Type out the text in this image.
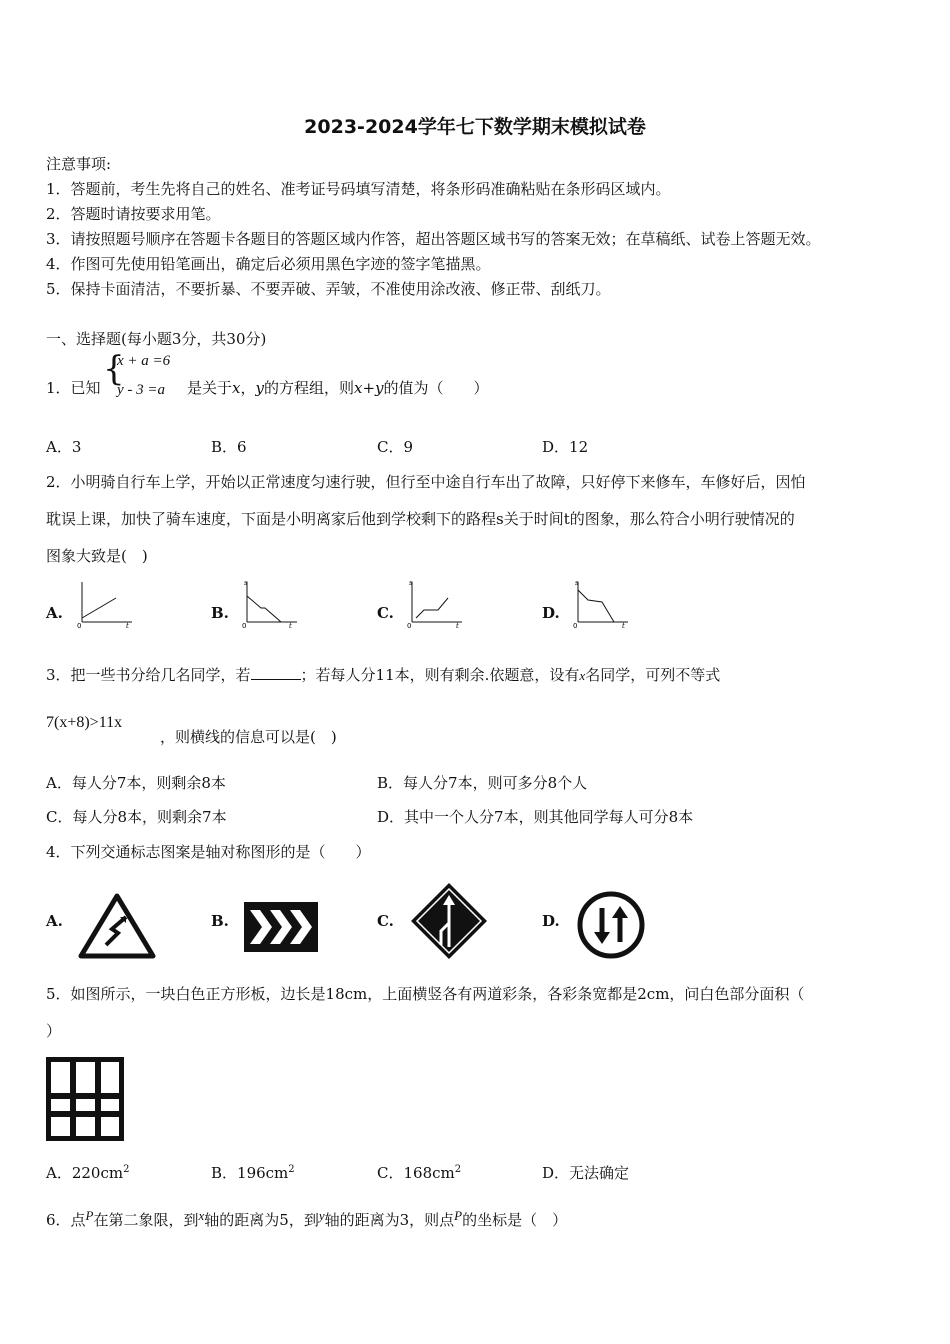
2023-2024学年七下数学期末模拟试卷
注意事项:
1．答题前，考生先将自己的姓名、准考证号码填写清楚，将条形码准确粘贴在条形码区域内。
2．答题时请按要求用笔。
3．请按照题号顺序在答题卡各题目的答题区域内作答，超出答题区域书写的答案无效；在草稿纸、试卷上答题无效。
4．作图可先使用铅笔画出，确定后必须用黑色字迹的签字笔描黑。
5．保持卡面清洁，不要折暴、不要弄破、弄皱，不准使用涂改液、修正带、刮纸刀。
一、选择题(每小题3分，共30分)
1．已知 {
x + a =6
y - 3 =a 是关于x，y的方程组，则x+y的值为（　　）
A．3	B．6	C．9	D．12
2．小明骑自行车上学，开始以正常速度匀速行驶，但行至中途自行车出了故障，只好停下来修车，车修好后，因怕
耽误上课，加快了骑车速度，下面是小明离家后他到学校剩下的路程s关于时间t的图象，那么符合小明行驶情况的
图象大致是(　)
A.	B.	C.	D.
0	t
s
0	t
s
0	t
s
0	t
3．把一些书分给几名同学，若	；若每人分11本，则有剩余.依题意，设有x名同学，可列不等式
7(x+8)>11x
，则横线的信息可以是(　)
A．每人分7本，则剩余8本	B．每人分7本，则可多分8个人
C．每人分8本，则剩余7本	D．其中一个人分7本，则其他同学每人可分8本
4．下列交通标志图案是轴对称图形的是（　　）
A.	B.	C.	D.
5．如图所示，一块白色正方形板，边长是18cm，上面横竖各有两道彩条，各彩条宽都是2cm，问白色部分面积（
）
A．$220cm^2$	B．$196cm^2$	C．$168cm^2$	D．无法确定
6．点P在第二象限，到x轴的距离为5，到y轴的距离为3，则点P的坐标是（　）
